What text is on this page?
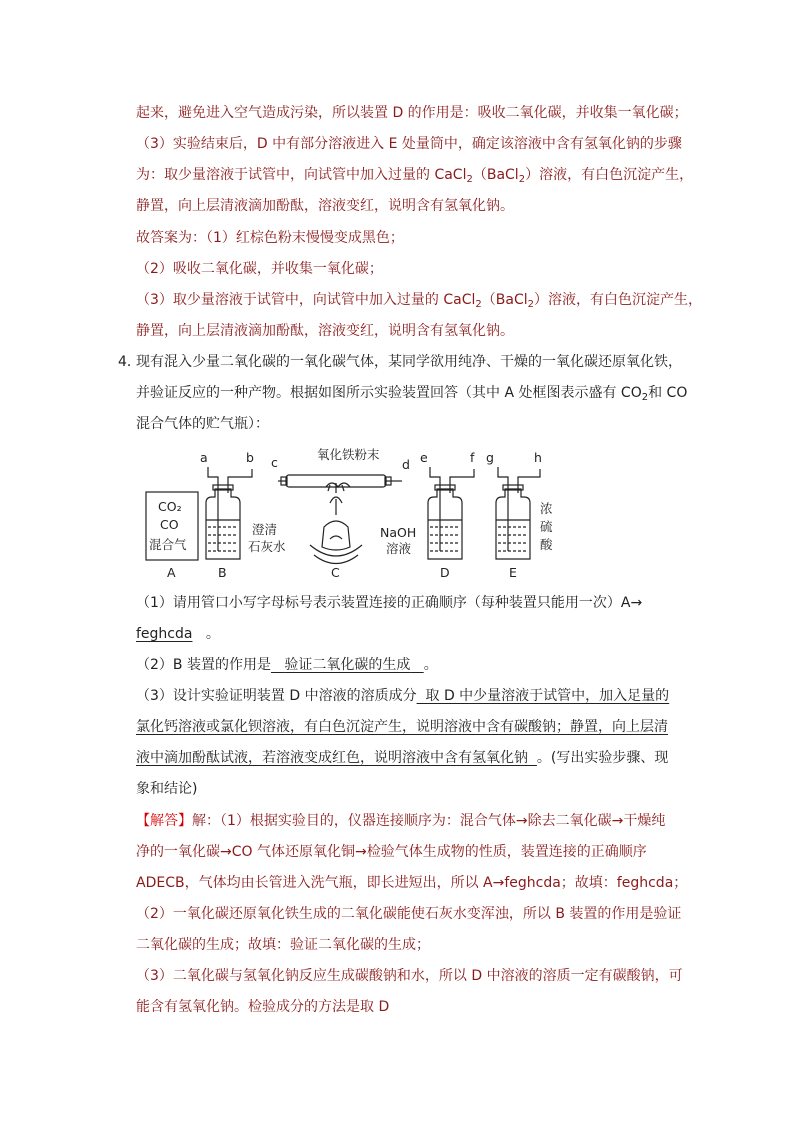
起来，避免进入空气造成污染，所以装置 D 的作用是：吸收二氧化碳，并收集一氧化碳；
（3）实验结束后，D 中有部分溶液进入 E 处量筒中，确定该溶液中含有氢氧化钠的步骤
为：取少量溶液于试管中，向试管中加入过量的 CaCl$_2$（BaCl$_2$）溶液，有白色沉淀产生，
静置，向上层清液滴加酚酞，溶液变红，说明含有氢氧化钠。
故答案为：（1）红棕色粉末慢慢变成黑色；
（2）吸收二氧化碳，并收集一氧化碳；
（3）取少量溶液于试管中，向试管中加入过量的 CaCl$_2$（BaCl$_2$）溶液，有白色沉淀产生，
静置，向上层清液滴加酚酞，溶液变红，说明含有氢氧化钠。
4．
现有混入少量二氧化碳的一氧化碳气体，某同学欲用纯净、干燥的一氧化碳还原氧化铁，
并验证反应的一种产物。根据如图所示实验装置回答（其中 A 处框图表示盛有 $CO_2$和 CO
混合气体的贮气瓶）：
a	b c
氧化铁粉末
d e	f g	h
CO₂
CO
混合气
澄清
石灰水
NaOH
溶液
浓
硫
酸
A	B	C	D	E
（1）请用管口小写字母标号表示装置连接的正确顺序（每种装置只能用一次）A→
feghcda 。
（2）B 装置的作用是 验证二氧化碳的生成 。
（3）设计实验证明装置 D 中溶液的溶质成分 取 D 中少量溶液于试管中，加入足量的
氯化钙溶液或氯化钡溶液，有白色沉淀产生，说明溶液中含有碳酸钠；静置，向上层清
液中滴加酚酞试液，若溶液变成红色，说明溶液中含有氢氧化钠 。(写出实验步骤、现
象和结论)
【解答】解：（1）根据实验目的，仪器连接顺序为：混合气体→除去二氧化碳→干燥纯
净的一氧化碳→CO 气体还原氧化铜→检验气体生成物的性质，装置连接的正确顺序
ADECB，气体均由长管进入洗气瓶，即长进短出，所以 A→feghcda；故填：feghcda；
（2）一氧化碳还原氧化铁生成的二氧化碳能使石灰水变浑浊，所以 B 装置的作用是验证
二氧化碳的生成；故填：验证二氧化碳的生成；
（3）二氧化碳与氢氧化钠反应生成碳酸钠和水，所以 D 中溶液的溶质一定有碳酸钠，可
能含有氢氧化钠。检验成分的方法是取 D
